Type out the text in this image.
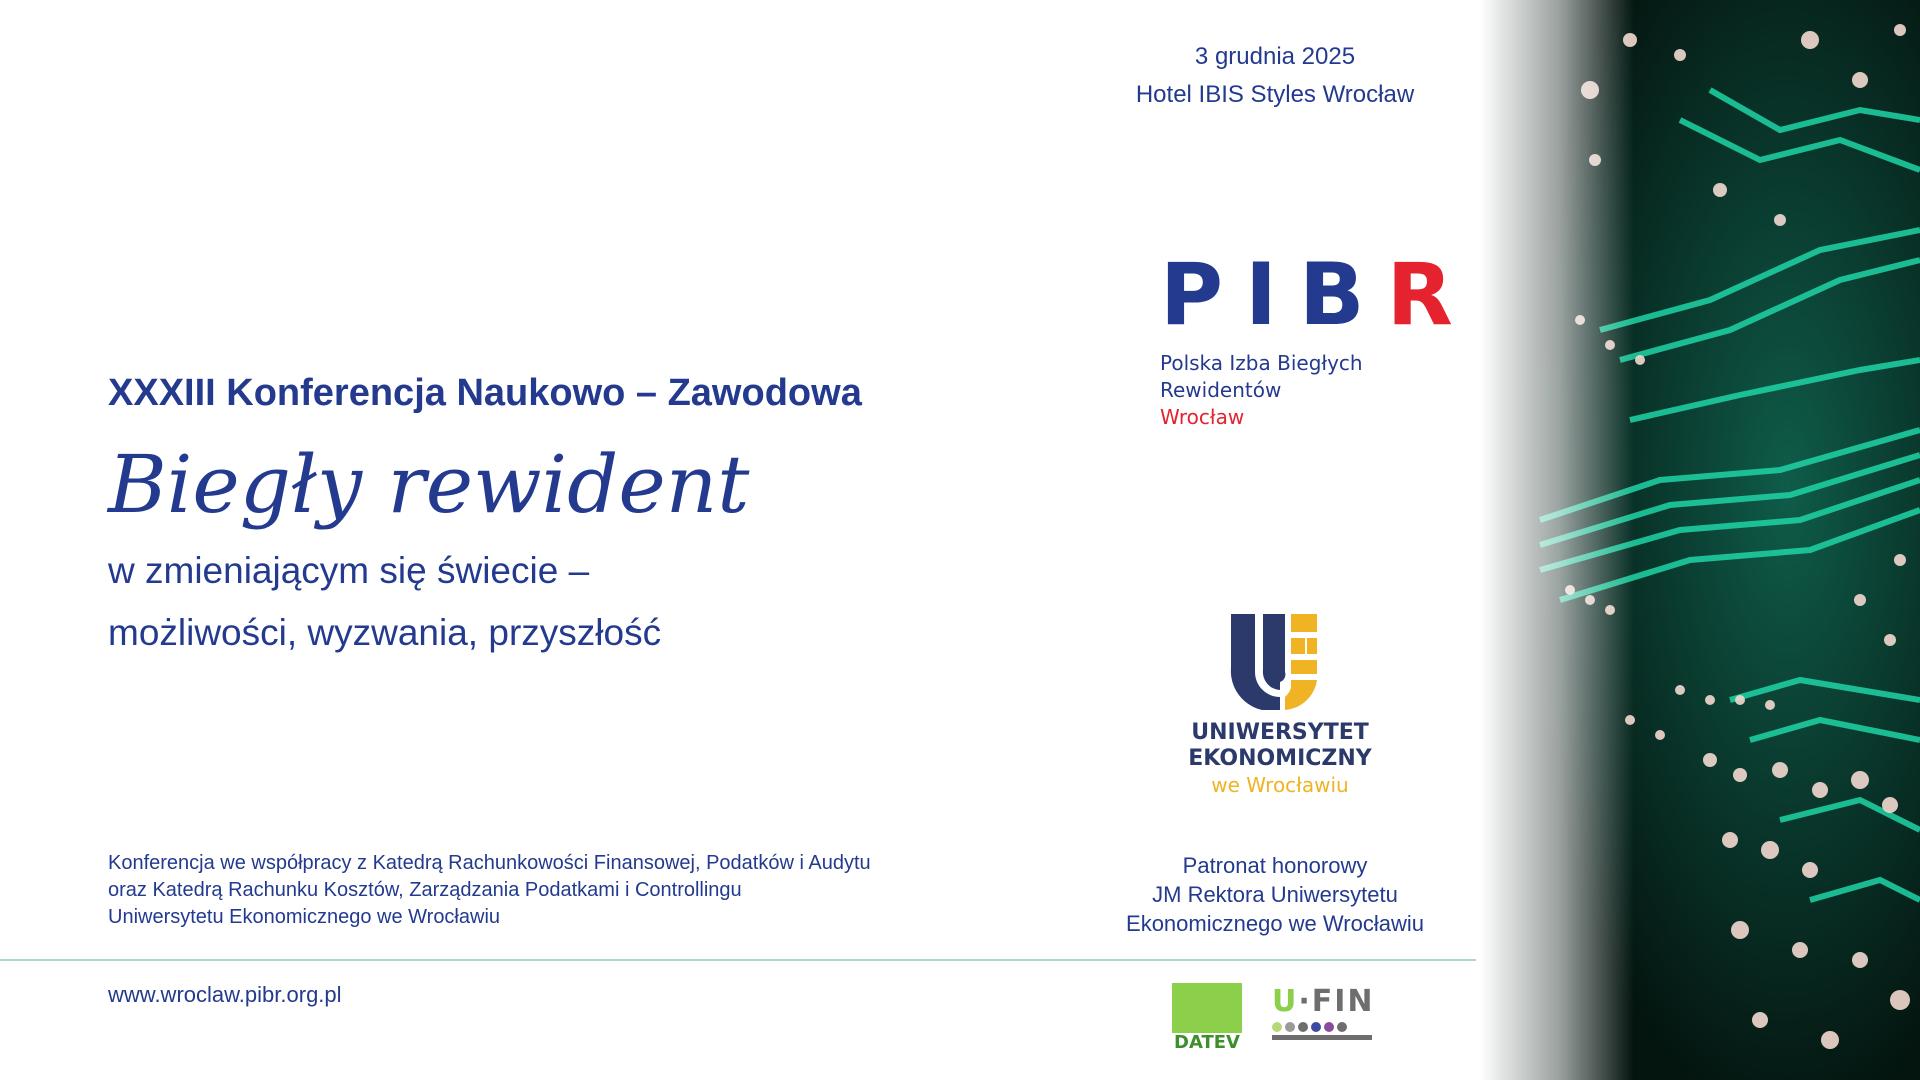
3 grudnia 2025
Hotel IBIS Styles Wrocław
PIBR
Polska Izba Biegłych
Rewidentów
Wrocław
XXXIII Konferencja Naukowo – Zawodowa
Biegły rewident
w zmieniającym się świecie –
możliwości, wyzwania, przyszłość
UNIWERSYTET
EKONOMICZNY
we Wrocławiu
Konferencja we współpracy z Katedrą Rachunkowości Finansowej, Podatków i Audytu
oraz Katedrą Rachunku Kosztów, Zarządzania Podatkami i Controllingu
Uniwersytetu Ekonomicznego we Wrocławiu
Patronat honorowy
JM Rektora Uniwersytetu
Ekonomicznego we Wrocławiu
www.wroclaw.pibr.org.pl
DATEV
U·FIN
